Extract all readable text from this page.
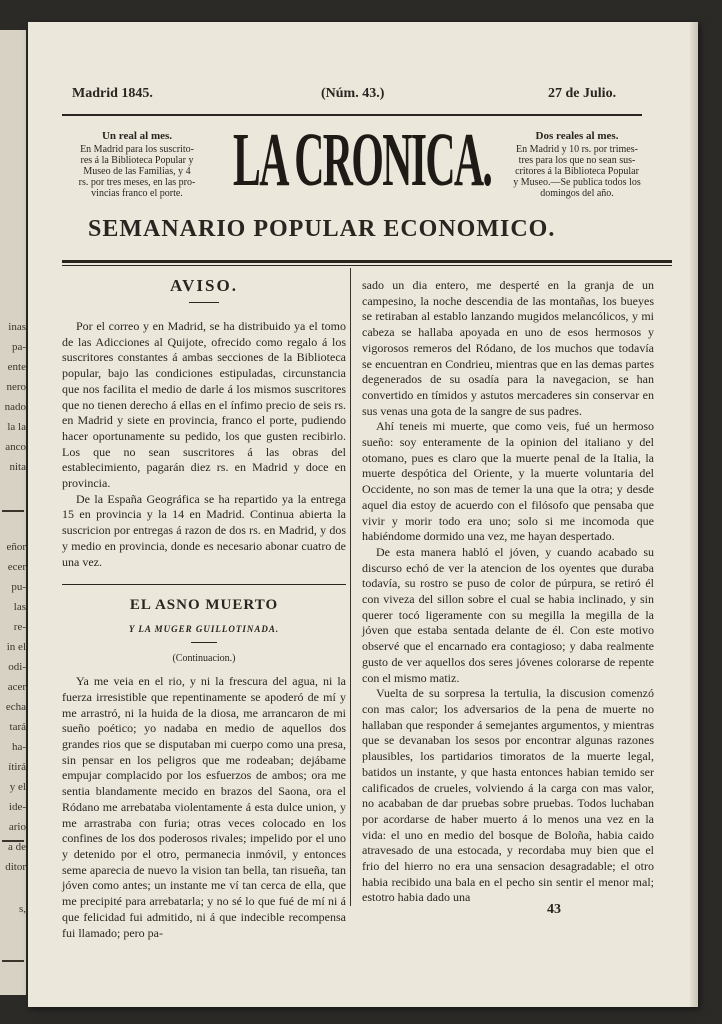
inas
pa-
ente
nero
nado
la la
anco
nita
eñor
ecer
pu-
las
re-
in el
odi-
acer
echa
tará
ha-
ítirá
y el
ide-
ario
a de
ditor
s,
Madrid 1845.	(Núm. 43.)	27 de Julio.
Un real al mes.
En Madrid para los suscrito-
res á la Biblioteca Popular y
Museo de las Familias, y 4
rs. por tres meses, en las pro-
vincias franco el porte. LA CRONICA.	Dos reales al mes.
En Madrid y 10 rs. por trimes-
tres para los que no sean sus-
critores á la Biblioteca Popular
y Museo.—Se publica todos los
domingos del año.
SEMANARIO POPULAR ECONOMICO.
AVISO.

Por el correo y en Madrid, se ha distribuido ya el tomo de las Adicciones al Quijote, ofrecido como regalo á los suscritores constantes á ambas secciones de la Biblioteca popular, bajo las condiciones estipuladas, circunstancia que nos facilita el medio de darle á los mismos suscritores que no tienen derecho á ellas en el ínfimo precio de seis rs. en Madrid y siete en provincia, franco el porte, pudiendo hacer oportunamente su pedido, los que gusten recibirlo. Los que no sean suscritores á las obras del establecimiento, pagarán diez rs. en Madrid y doce en provincia.

De la España Geográfica se ha repartido ya la entrega 15 en provincia y la 14 en Madrid. Continua abierta la suscricion por entregas á razon de dos rs. en Madrid, y dos y medio en provincia, donde es necesario abonar cuatro de una vez.

EL ASNO MUERTO
Y LA MUGER GUILLOTINADA.
(Continuacion.)

Ya me veia en el rio, y ni la frescura del agua, ni la fuerza irresistible que repentinamente se apoderó de mí y me arrastró, ni la huida de la diosa, me arrancaron de mi sueño poético; yo nadaba en medio de aquellos dos grandes rios que se disputaban mi cuerpo como una presa, sin pensar en los peligros que me rodeaban; dejábame empujar complacido por los esfuerzos de ambos; ora me sentia blandamente mecido en brazos del Saona, ora el Ródano me arrebataba violentamente á esta dulce union, y me arrastraba con furia; otras veces colocado en los confines de los dos poderosos rivales; impelido por el uno y detenido por el otro, permanecia inmóvil, y entonces seme aparecia de nuevo la vision tan bella, tan risueña, tan jóven como antes; un instante me ví tan cerca de ella, que me precipité para arrebatarla; y no sé lo que fué de mí ni á que felicidad fui admitido, ni á que indecible recompensa fui llamado; pero pa-

sado un dia entero, me desperté en la granja de un campesino, la noche descendia de las montañas, los bueyes se retiraban al establo lanzando mugidos melancólicos, y mi cabeza se hallaba apoyada en uno de esos hermosos y vigorosos remeros del Ródano, de los muchos que todavía se encuentran en Condrieu, mientras que en las demas partes degenerados de su osadía para la navegacion, se han convertido en tímidos y astutos mercaderes sin conservar en sus venas una gota de la sangre de sus padres.

Ahí teneis mi muerte, que como veis, fué un hermoso sueño: soy enteramente de la opinion del italiano y del otomano, pues es claro que la muerte penal de la Italia, la muerte despótica del Oriente, y la muerte voluntaria del Occidente, no son mas de temer la una que la otra; y desde aquel dia estoy de acuerdo con el filósofo que pensaba que vivir y morir todo era uno; solo si me incomoda que habiéndome dormido una vez, me hayan despertado.

De esta manera habló el jóven, y cuando acabado su discurso echó de ver la atencion de los oyentes que duraba todavía, su rostro se puso de color de púrpura, se retiró él con viveza del sillon sobre el cual se habia inclinado, y sin querer tocó ligeramente con su megilla la megilla de la jóven que estaba sentada delante de él. Con este motivo observé que el encarnado era contagioso; y daba realmente gusto de ver aquellos dos seres jóvenes colorarse de repente con el mismo matiz.

Vuelta de su sorpresa la tertulia, la discusion comenzó con mas calor; los adversarios de la pena de muerte no hallaban que responder á semejantes argumentos, y mientras que se devanaban los sesos por encontrar algunas razones plausibles, los partidarios timoratos de la muerte legal, batidos un instante, y que hasta entonces habian temido ser calificados de crueles, volviendo á la carga con mas valor, no acababan de dar pruebas sobre pruebas. Todos luchaban por acordarse de haber muerto á lo menos una vez en la vida: el uno en medio del bosque de Boloña, habia caido atravesado de una estocada, y recordaba muy bien que el frio del hierro no era una sensacion desagradable; el otro habia recibido una bala en el pecho sin sentir el menor mal; estotro habia dado una

43
